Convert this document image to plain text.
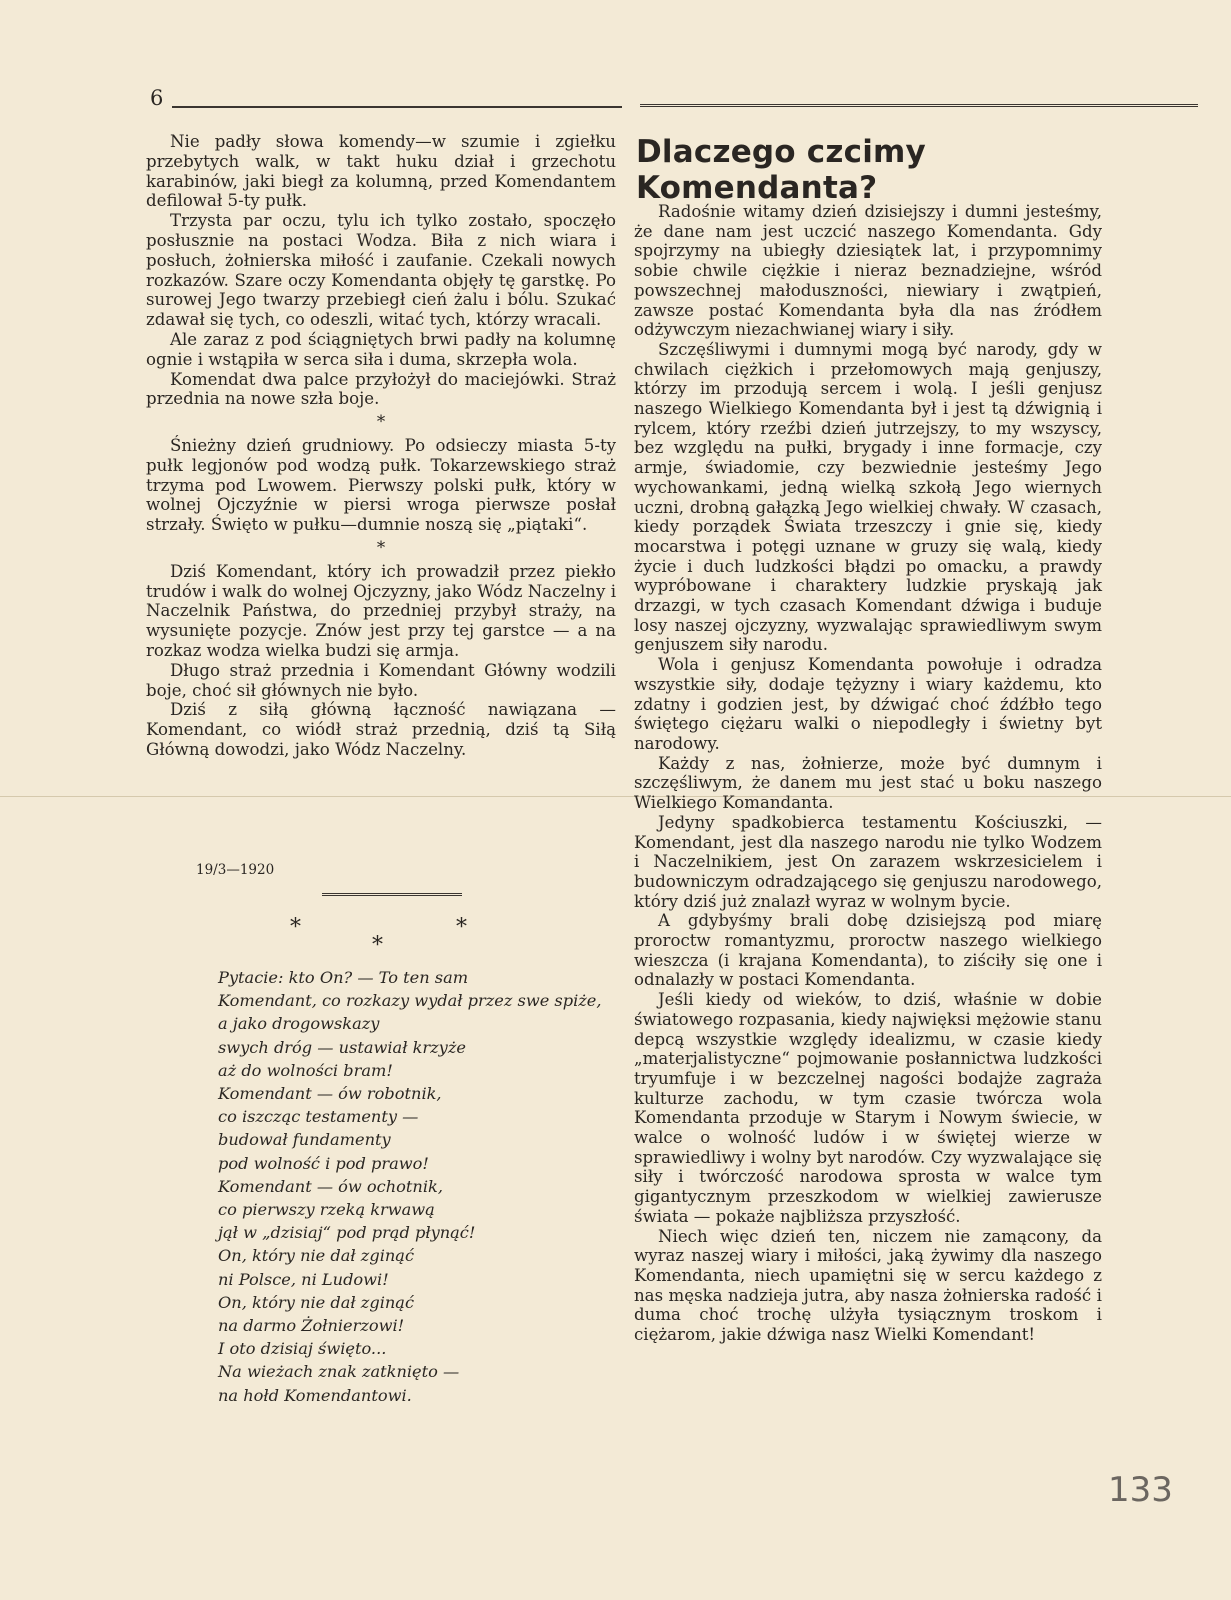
6

Nie padły słowa komendy—w szumie i zgiełku przebytych walk, w takt huku dział i grzechotu karabinów, jaki biegł za kolumną, przed Komendantem defilował 5-ty pułk.

Trzysta par oczu, tylu ich tylko zostało, spoczęło posłusznie na postaci Wodza. Biła z nich wiara i posłuch, żołnierska miłość i zaufanie. Czekali nowych rozkazów. Szare oczy Komendanta objęły tę garstkę. Po surowej Jego twarzy przebiegł cień żalu i bólu. Szukać zdawał się tych, co odeszli, witać tych, którzy wracali.

Ale zaraz z pod ściągniętych brwi padły na kolumnę ognie i wstąpiła w serca siła i duma, skrzepła wola.

Komendat dwa palce przyłożył do maciejówki. Straż przednia na nowe szła boje.

*

Śnieżny dzień grudniowy. Po odsieczy miasta 5-ty pułk legjonów pod wodzą pułk. Tokarzewskiego straż trzyma pod Lwowem. Pierwszy polski pułk, który w wolnej Ojczyźnie w piersi wroga pierwsze posłał strzały. Święto w pułku—dumnie noszą się „piątaki“.

*

Dziś Komendant, który ich prowadził przez piekło trudów i walk do wolnej Ojczyzny, jako Wódz Naczelny i Naczelnik Państwa, do przedniej przybył straży, na wysunięte pozycje. Znów jest przy tej garstce — a na rozkaz wodza wielka budzi się armja.

Długo straż przednia i Komendant Główny wodzili boje, choć sił głównych nie było.

Dziś z siłą główną łączność nawiązana — Komendant, co wiódł straż przednią, dziś tą Siłą Główną dowodzi, jako Wódz Naczelny.

19/3—1920
*	*
*
Pytacie: kto On? — To ten sam
Komendant, co rozkazy wydał przez swe spiże,
a jako drogowskazy
swych dróg — ustawiał krzyże
aż do wolności bram!
Komendant — ów robotnik,
co iszcząc testamenty —
budował fundamenty
pod wolność i pod prawo!
Komendant — ów ochotnik,
co pierwszy rzeką krwawą
jął w „dzisiaj“ pod prąd płynąć!
On, który nie dał zginąć
ni Polsce, ni Ludowi!
On, który nie dał zginąć
na darmo Żołnierzowi!
I oto dzisiaj święto...
Na wieżach znak zatknięto —
na hołd Komendantowi.
Dlaczego czcimy Komendanta?

Radośnie witamy dzień dzisiejszy i dumni jesteśmy, że dane nam jest uczcić naszego Komendanta. Gdy spojrzymy na ubiegły dziesiątek lat, i przypomnimy sobie chwile ciężkie i nieraz beznadziejne, wśród powszechnej małoduszności, niewiary i zwątpień, zawsze postać Komendanta była dla nas źródłem odżywczym niezachwianej wiary i siły.

Szczęśliwymi i dumnymi mogą być narody, gdy w chwilach ciężkich i przełomowych mają genjuszy, którzy im przodują sercem i wolą. I jeśli genjusz naszego Wielkiego Komendanta był i jest tą dźwignią i rylcem, który rzeźbi dzień jutrzejszy, to my wszyscy, bez względu na pułki, brygady i inne formacje, czy armje, świadomie, czy bezwiednie jesteśmy Jego wychowankami, jedną wielką szkołą Jego wiernych uczni, drobną gałązką Jego wielkiej chwały. W czasach, kiedy porządek Świata trzeszczy i gnie się, kiedy mocarstwa i potęgi uznane w gruzy się walą, kiedy życie i duch ludzkości błądzi po omacku, a prawdy wypróbowane i charaktery ludzkie pryskają jak drzazgi, w tych czasach Komendant dźwiga i buduje losy naszej ojczyzny, wyzwalając sprawiedliwym swym genjuszem siły narodu.

Wola i genjusz Komendanta powołuje i odradza wszystkie siły, dodaje tężyzny i wiary każdemu, kto zdatny i godzien jest, by dźwigać choć źdźbło tego świętego ciężaru walki o niepodległy i świetny byt narodowy.

Każdy z nas, żołnierze, może być dumnym i szczęśliwym, że danem mu jest stać u boku naszego Wielkiego Komandanta.

Jedyny spadkobierca testamentu Kościuszki, — Komendant, jest dla naszego narodu nie tylko Wodzem i Naczelnikiem, jest On zarazem wskrzesicielem i budowniczym odradzającego się genjuszu narodowego, który dziś już znalazł wyraz w wolnym bycie.

A gdybyśmy brali dobę dzisiejszą pod miarę proroctw romantyzmu, proroctw naszego wielkiego wieszcza (i krajana Komendanta), to ziściły się one i odnalazły w postaci Komendanta.

Jeśli kiedy od wieków, to dziś, właśnie w dobie światowego rozpasania, kiedy najwięksi mężowie stanu depcą wszystkie względy idealizmu, w czasie kiedy „materjalistyczne“ pojmowanie posłannictwa ludzkości tryumfuje i w bezczelnej nagości bodajże zagraża kulturze zachodu, w tym czasie twórcza wola Komendanta przoduje w Starym i Nowym świecie, w walce o wolność ludów i w świętej wierze w sprawiedliwy i wolny byt narodów. Czy wyzwalające się siły i twórczość narodowa sprosta w walce tym gigantycznym przeszkodom w wielkiej zawierusze świata — pokaże najbliższa przyszłość.

Niech więc dzień ten, niczem nie zamącony, da wyraz naszej wiary i miłości, jaką żywimy dla naszego Komendanta, niech upamiętni się w sercu każdego z nas męska nadzieja jutra, aby nasza żołnierska radość i duma choć trochę ulżyła tysiącznym troskom i ciężarom, jakie dźwiga nasz Wielki Komendant!

133
